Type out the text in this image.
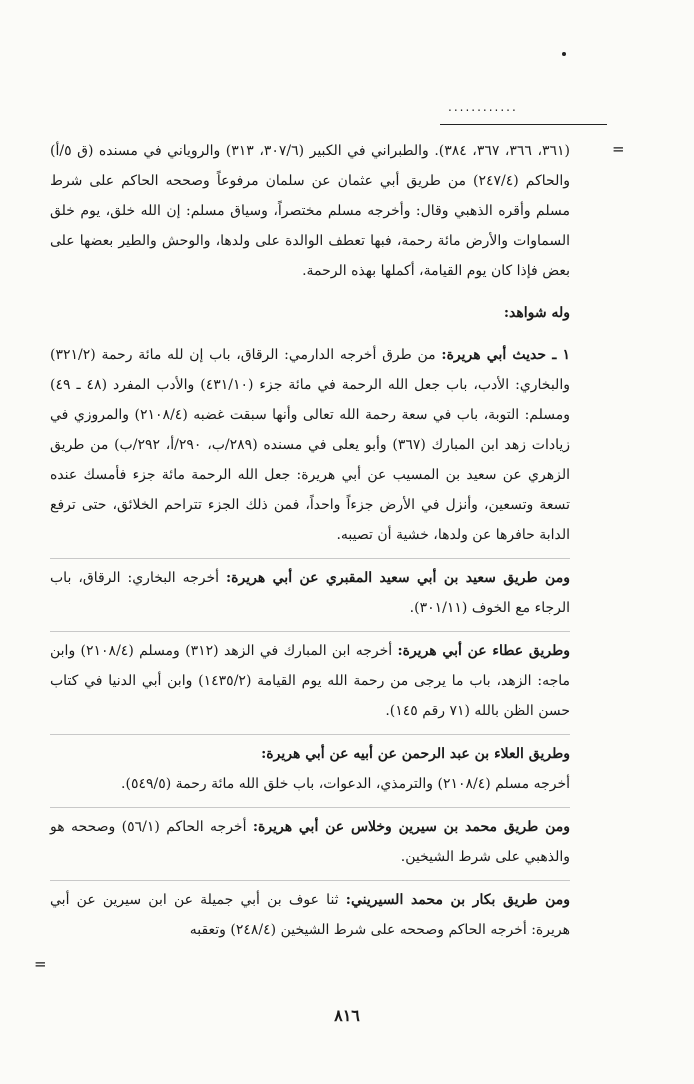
............
=

(٣٦١، ٣٦٦، ٣٦٧، ٣٨٤). والطبراني في الكبير (٣٠٧/٦، ٣١٣) والروياني في مسنده (ق ٥/أ) والحاكم (٢٤٧/٤) من طريق أبي عثمان عن سلمان مرفوعاً وصححه الحاكم على شرط مسلم وأقره الذهبي وقال: وأخرجه مسلم مختصراً، وسياق مسلم: إن الله خلق، يوم خلق السماوات والأرض مائة رحمة، فبها تعطف الوالدة على ولدها، والوحش والطير بعضها على بعض فإذا كان يوم القيامة، أكملها بهذه الرحمة.

وله شواهد:

١ ـ حديث أبي هريرة: من طرق أخرجه الدارمي: الرقاق، باب إن لله مائة رحمة (٣٢١/٢) والبخاري: الأدب، باب جعل الله الرحمة في مائة جزء (٤٣١/١٠) والأدب المفرد (٤٨ ـ ٤٩) ومسلم: التوبة، باب في سعة رحمة الله تعالى وأنها سبقت غضبه (٢١٠٨/٤) والمروزي في زيادات زهد ابن المبارك (٣٦٧) وأبو يعلى في مسنده (٢٨٩/ب، ٢٩٠/أ، ٢٩٢/ب) من طريق الزهري عن سعيد بن المسيب عن أبي هريرة: جعل الله الرحمة مائة جزء فأمسك عنده تسعة وتسعين، وأنزل في الأرض جزءاً واحداً، فمن ذلك الجزء تتراحم الخلائق، حتى ترفع الدابة حافرها عن ولدها، خشية أن تصيبه.

ومن طريق سعيد بن أبي سعيد المقبري عن أبي هريرة: أخرجه البخاري: الرقاق، باب الرجاء مع الخوف (٣٠١/١١).

وطريق عطاء عن أبي هريرة: أخرجه ابن المبارك في الزهد (٣١٢) ومسلم (٢١٠٨/٤) وابن ماجه: الزهد، باب ما يرجى من رحمة الله يوم القيامة (١٤٣٥/٢) وابن أبي الدنيا في كتاب حسن الظن بالله (٧١ رقم ١٤٥).

وطريق العلاء بن عبد الرحمن عن أبيه عن أبي هريرة:

أخرجه مسلم (٢١٠٨/٤) والترمذي، الدعوات، باب خلق الله مائة رحمة (٥٤٩/٥).

ومن طريق محمد بن سيرين وخلاس عن أبي هريرة: أخرجه الحاكم (٥٦/١) وصححه هو والذهبي على شرط الشيخين.

ومن طريق بكار بن محمد السيريني: ثنا عوف بن أبي جميلة عن ابن سيرين عن أبي هريرة: أخرجه الحاكم وصححه على شرط الشيخين (٢٤٨/٤) وتعقبه

=
٨١٦
